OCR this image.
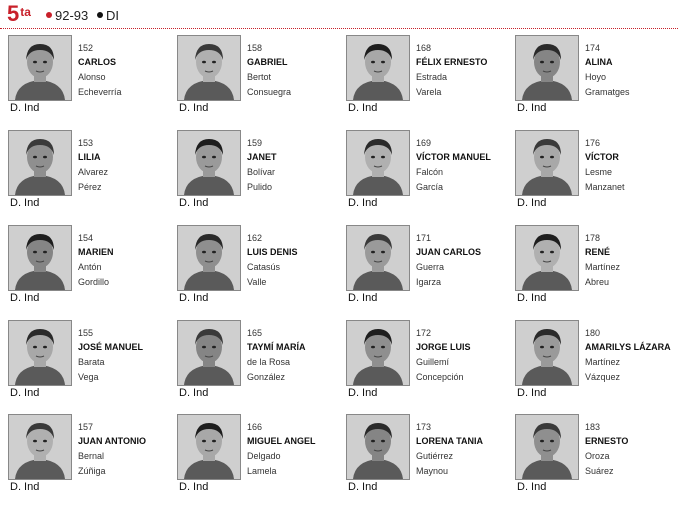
$5^{ta}$	92-93	DI
152
CARLOS
Alonso
Echeverría
D. Ind
158
GABRIEL
Bertot
Consuegra
D. Ind
168
FÉLIX ERNESTO
Estrada
Varela
D. Ind
174
ALINA
Hoyo
Gramatges
D. Ind
153
LILIA
Alvarez
Pérez
D. Ind
159
JANET
Bolívar
Pulido
D. Ind
169
VÍCTOR MANUEL
Falcón
García
D. Ind
176
VÍCTOR
Lesme
Manzanet
D. Ind
154
MARIEN
Antón
Gordillo
D. Ind
162
LUIS DENIS
Catasús
Valle
D. Ind
171
JUAN CARLOS
Guerra
Igarza
D. Ind
178
RENÉ
Martínez
Abreu
D. Ind
155
JOSÉ MANUEL
Barata
Vega
D. Ind
165
TAYMÍ MARÍA
de la Rosa
González
D. Ind
172
JORGE LUIS
Guillemí
Concepción
D. Ind
180
AMARILYS LÁZARA
Martínez
Vázquez
D. Ind
157
JUAN ANTONIO
Bernal
Zúñiga
D. Ind
166
MIGUEL ANGEL
Delgado
Lamela
D. Ind
173
LORENA TANIA
Gutiérrez
Maynou
D. Ind
183
ERNESTO
Oroza
Suárez
D. Ind
